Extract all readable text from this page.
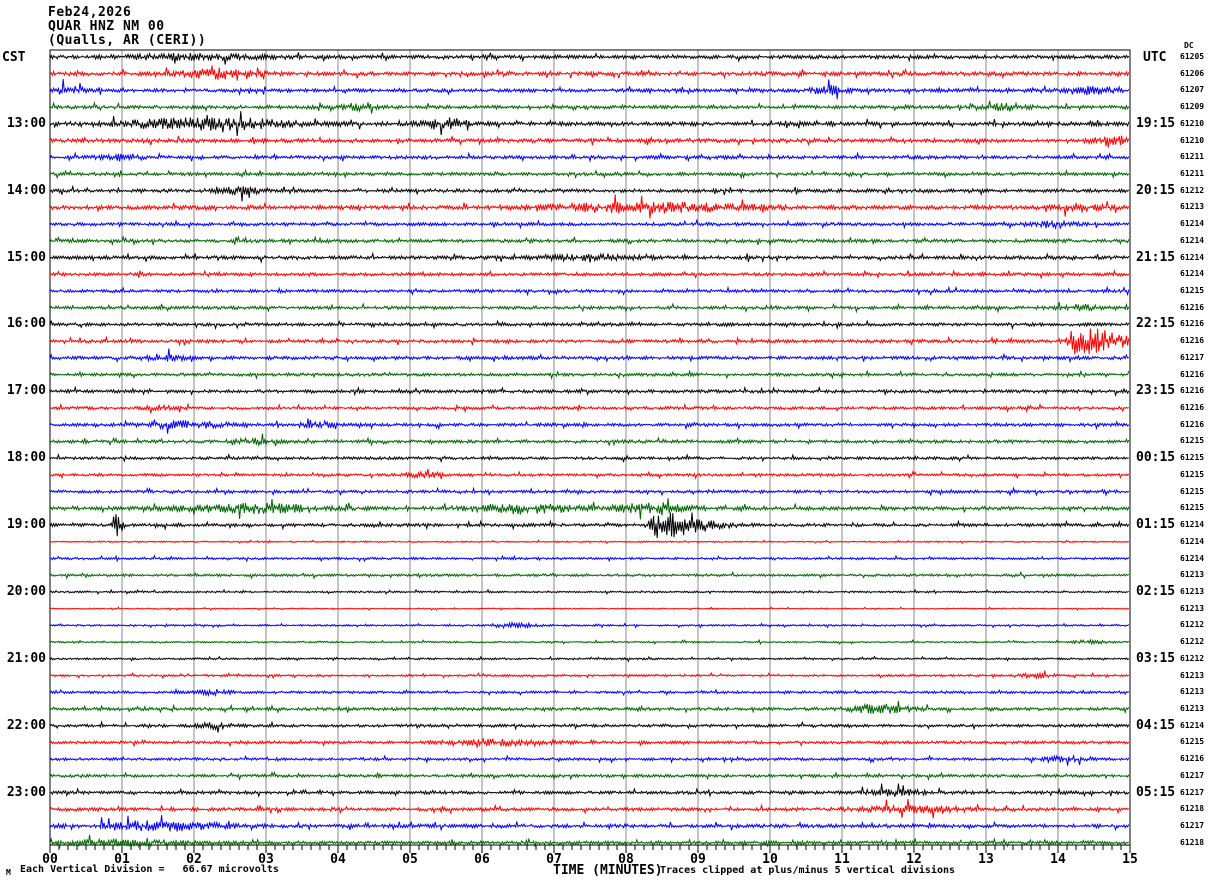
Feb24,2026
QUAR HNZ NM 00
(Qualls, AR (CERI))
CST	UTC
DC
61205
61206
61207
61209
61210
13:00	19:15
61210
61211
61211
61212
14:00	20:15
61213
61214
61214
61214
15:00	21:15
61214
61215
61216
61216
16:00	22:15
61216
61217
61216
61216
17:00	23:15
61216
61216
61215
61215
18:00	00:15
61215
61215
61215
61214
19:00	01:15
61214
61214
61213
61213
20:00	02:15
61213
61212
61212
61212
21:00	03:15
61213
61213
61213
61214
22:00	04:15
61215
61216
61217
61217
23:00	05:15
61218
61217
61218
00	01	02	03	04	05	06	07	08	09	10	11	12	13	14	15
TIME (MINUTES)
Traces clipped at plus/minus 5 vertical divisions
Each Vertical Division =   66.67 microvolts
M
